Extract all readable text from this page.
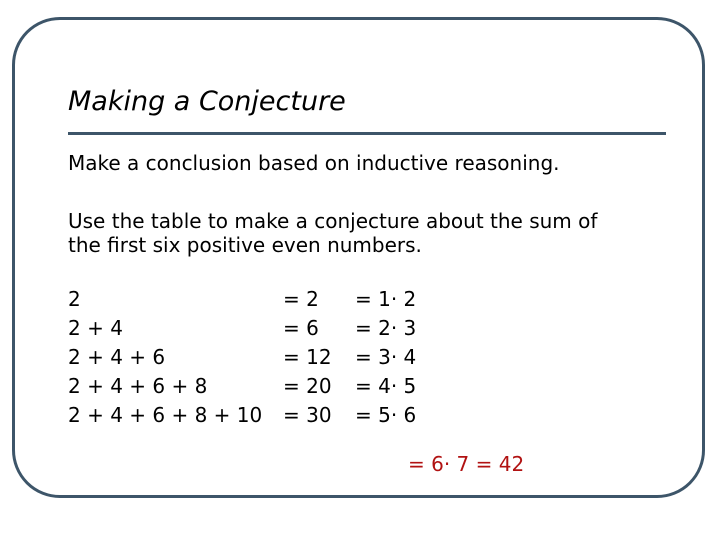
Making a Conjecture
Make a conclusion based on inductive reasoning.
Use the table to make a conjecture about the sum of
the first six positive even numbers.
2	= 2 = 1· 2
2 + 4	= 6 = 2· 3
2 + 4 + 6	= 12 = 3· 4
2 + 4 + 6 + 8	= 20 = 4· 5
2 + 4 + 6 + 8 + 10 = 30 = 5· 6
= 6· 7 = 42
